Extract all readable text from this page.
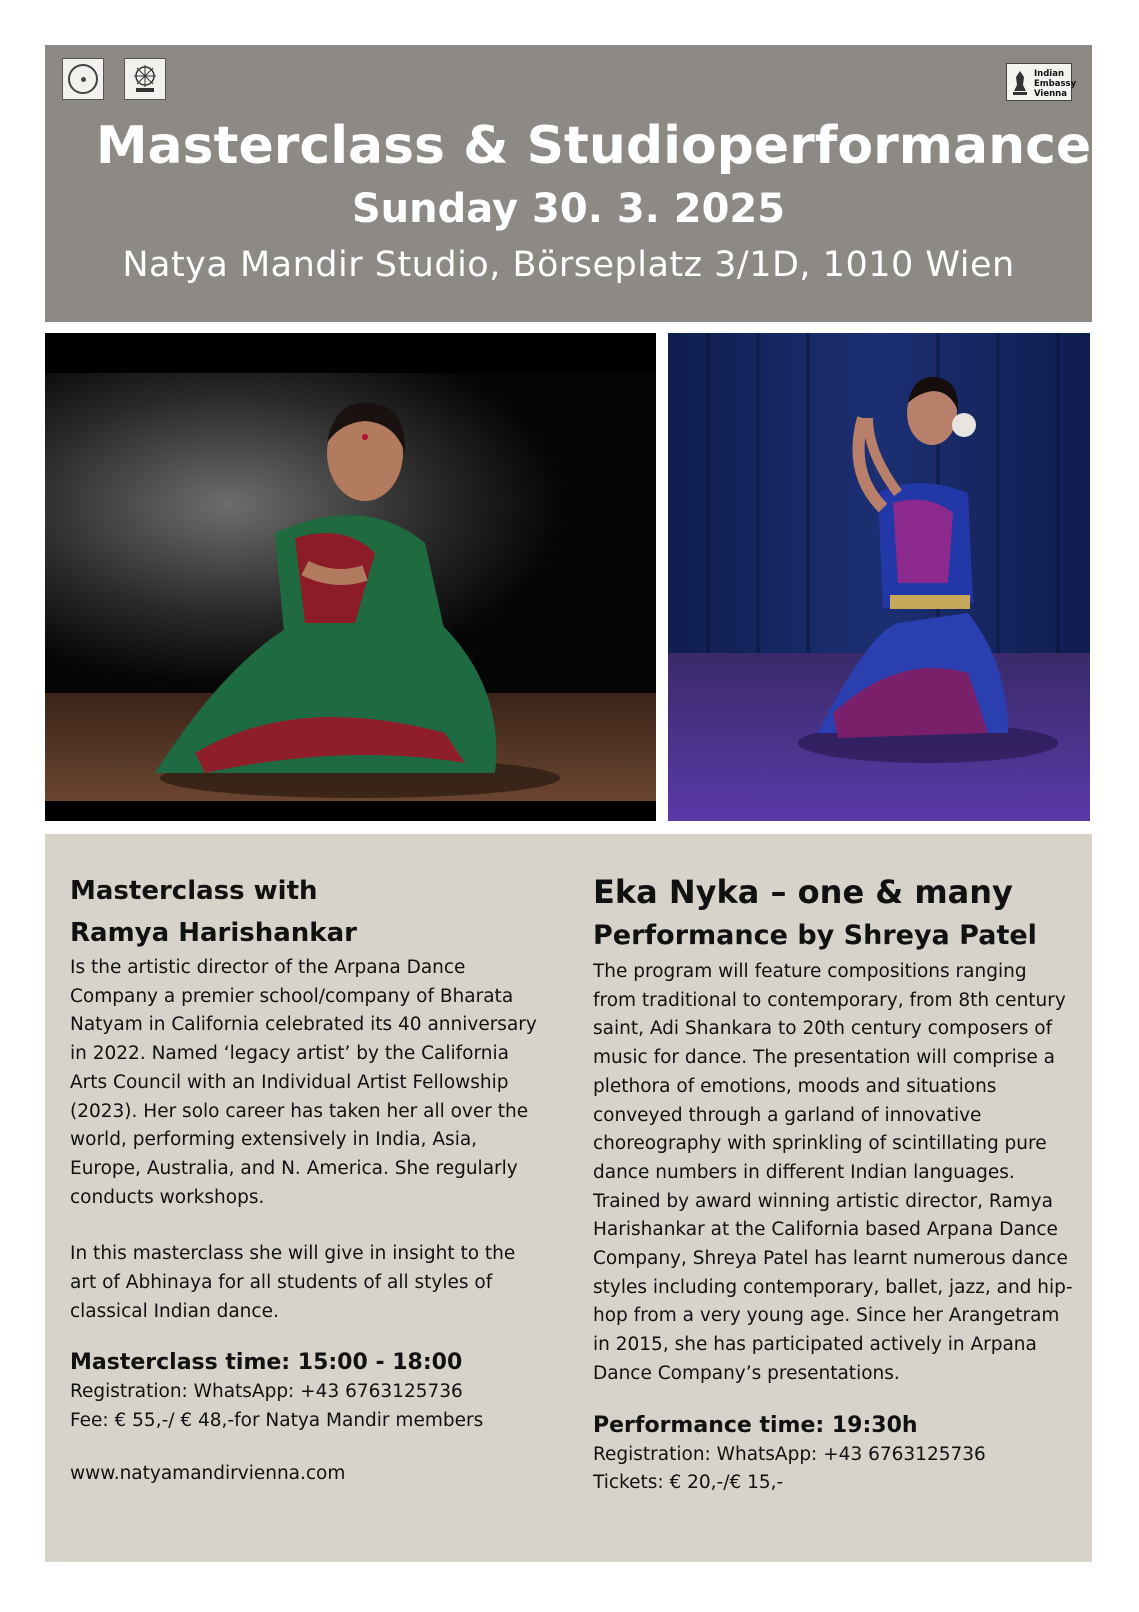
Indian
Embassy
Vienna
Masterclass & Studioperformance
Sunday 30. 3. 2025
Natya Mandir Studio, Börseplatz 3/1D, 1010 Wien

Masterclass with

Ramya Harishankar

Is the artistic director of the Arpana Dance Company a premier school/company of Bharata Natyam in California celebrated its 40 anniversary in 2022. Named ‘legacy artist’ by the California Arts Council with an Individual Artist Fellowship (2023). Her solo career has taken her all over the world, performing extensively in India, Asia, Europe, Australia, and N. America. She regularly conducts workshops.

In this masterclass she will give in insight to the art of Abhinaya for all students of all styles of classical Indian dance.

Masterclass time: 15:00 - 18:00
Registration: WhatsApp: +43 6763125736
Fee: € 55,-/ € 48,-for Natya Mandir members
www.natyamandirvienna.com

Eka Nyka – one & many

Performance by Shreya Patel

The program will feature compositions ranging from traditional to contemporary, from 8th century saint, Adi Shankara to 20th century composers of music for dance. The presentation will comprise a plethora of emotions, moods and situations conveyed through a garland of innovative choreography with sprinkling of scintillating pure dance numbers in different Indian languages. Trained by award winning artistic director, Ramya Harishankar at the California based Arpana Dance Company, Shreya Patel has learnt numerous dance styles including contemporary, ballet, jazz, and hip-hop from a very young age. Since her Arangetram in 2015, she has participated actively in Arpana Dance Company’s presentations.

Performance time: 19:30h
Registration: WhatsApp: +43 6763125736
Tickets: € 20,-/€ 15,-
